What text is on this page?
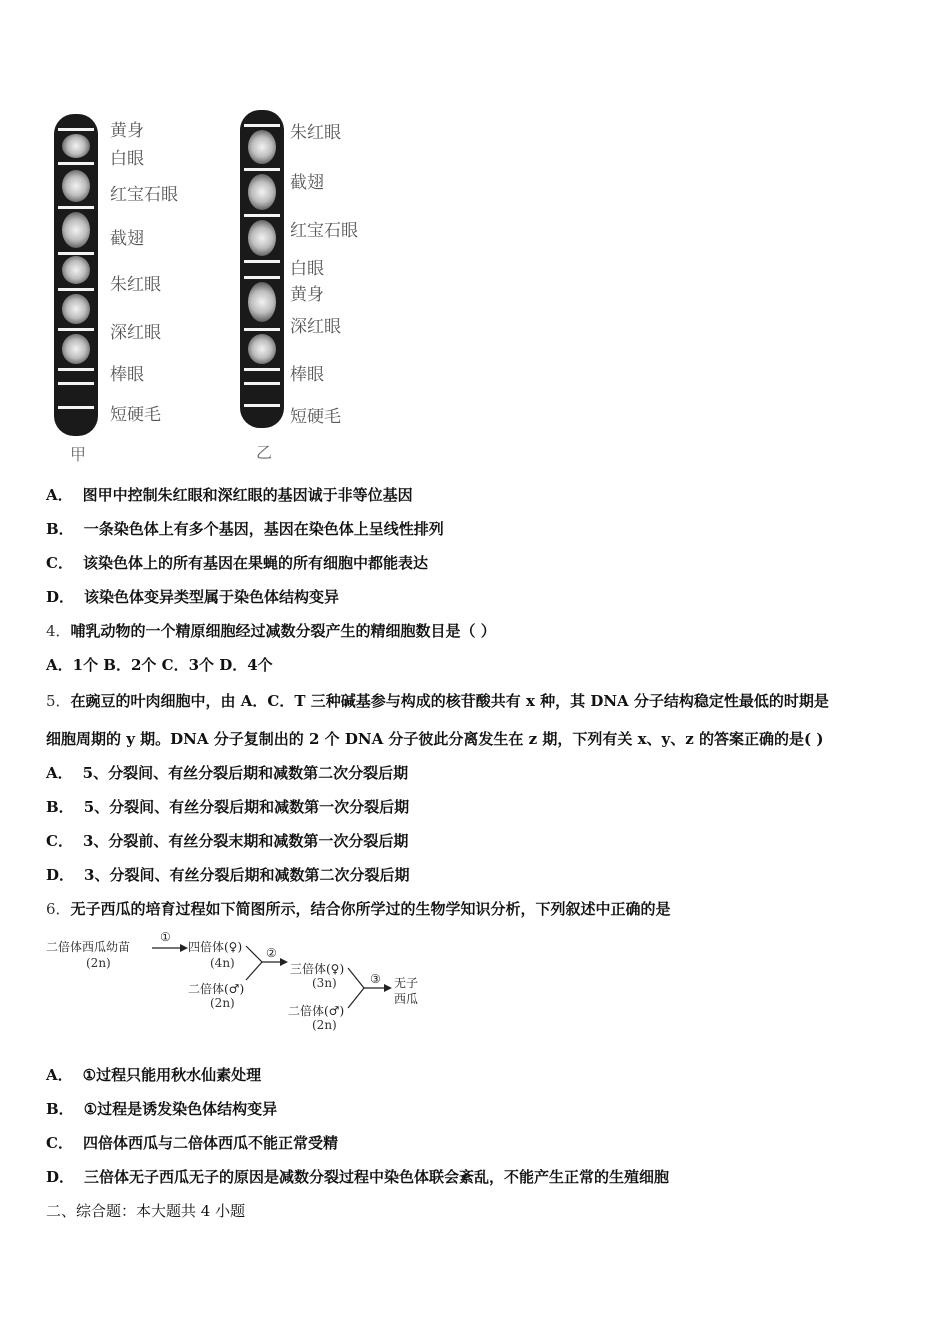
黄身
白眼
红宝石眼
截翅
朱红眼
深红眼
棒眼
短硬毛
甲
朱红眼
截翅
红宝石眼
白眼
黄身
深红眼
棒眼
短硬毛
乙
A． 图甲中控制朱红眼和深红眼的基因诚于非等位基因
B． 一条染色体上有多个基因，基因在染色体上呈线性排列
C． 该染色体上的所有基因在果蝇的所有细胞中都能表达
D． 该染色体变异类型属于染色体结构变异
4．哺乳动物的一个精原细胞经过减数分裂产生的精细胞数目是（ ）
A．1个 B．2个 C．3个 D．4个
5．在豌豆的叶肉细胞中，由 A．C．T 三种碱基参与构成的核苷酸共有 x 种，其 DNA 分子结构稳定性最低的时期是
细胞周期的 y 期。DNA 分子复制出的 2 个 DNA 分子彼此分离发生在 z 期，下列有关 x、y、z 的答案正确的是( )
A． 5、分裂间、有丝分裂后期和减数第二次分裂后期
B． 5、分裂间、有丝分裂后期和减数第一次分裂后期
C． 3、分裂前、有丝分裂末期和减数第一次分裂后期
D． 3、分裂间、有丝分裂后期和减数第二次分裂后期
6．无子西瓜的培育过程如下简图所示，结合你所学过的生物学知识分析，下列叙述中正确的是
二倍体西瓜幼苗
(2n)
①
四倍体(♀)
(4n)
二倍体(♂)
(2n)
②
三倍体(♀)
(3n)
二倍体(♂)
(2n)
③ 无子
西瓜
A． ①过程只能用秋水仙素处理
B． ①过程是诱发染色体结构变异
C． 四倍体西瓜与二倍体西瓜不能正常受精
D． 三倍体无子西瓜无子的原因是减数分裂过程中染色体联会紊乱，不能产生正常的生殖细胞
二、综合题：本大题共 4 小题
